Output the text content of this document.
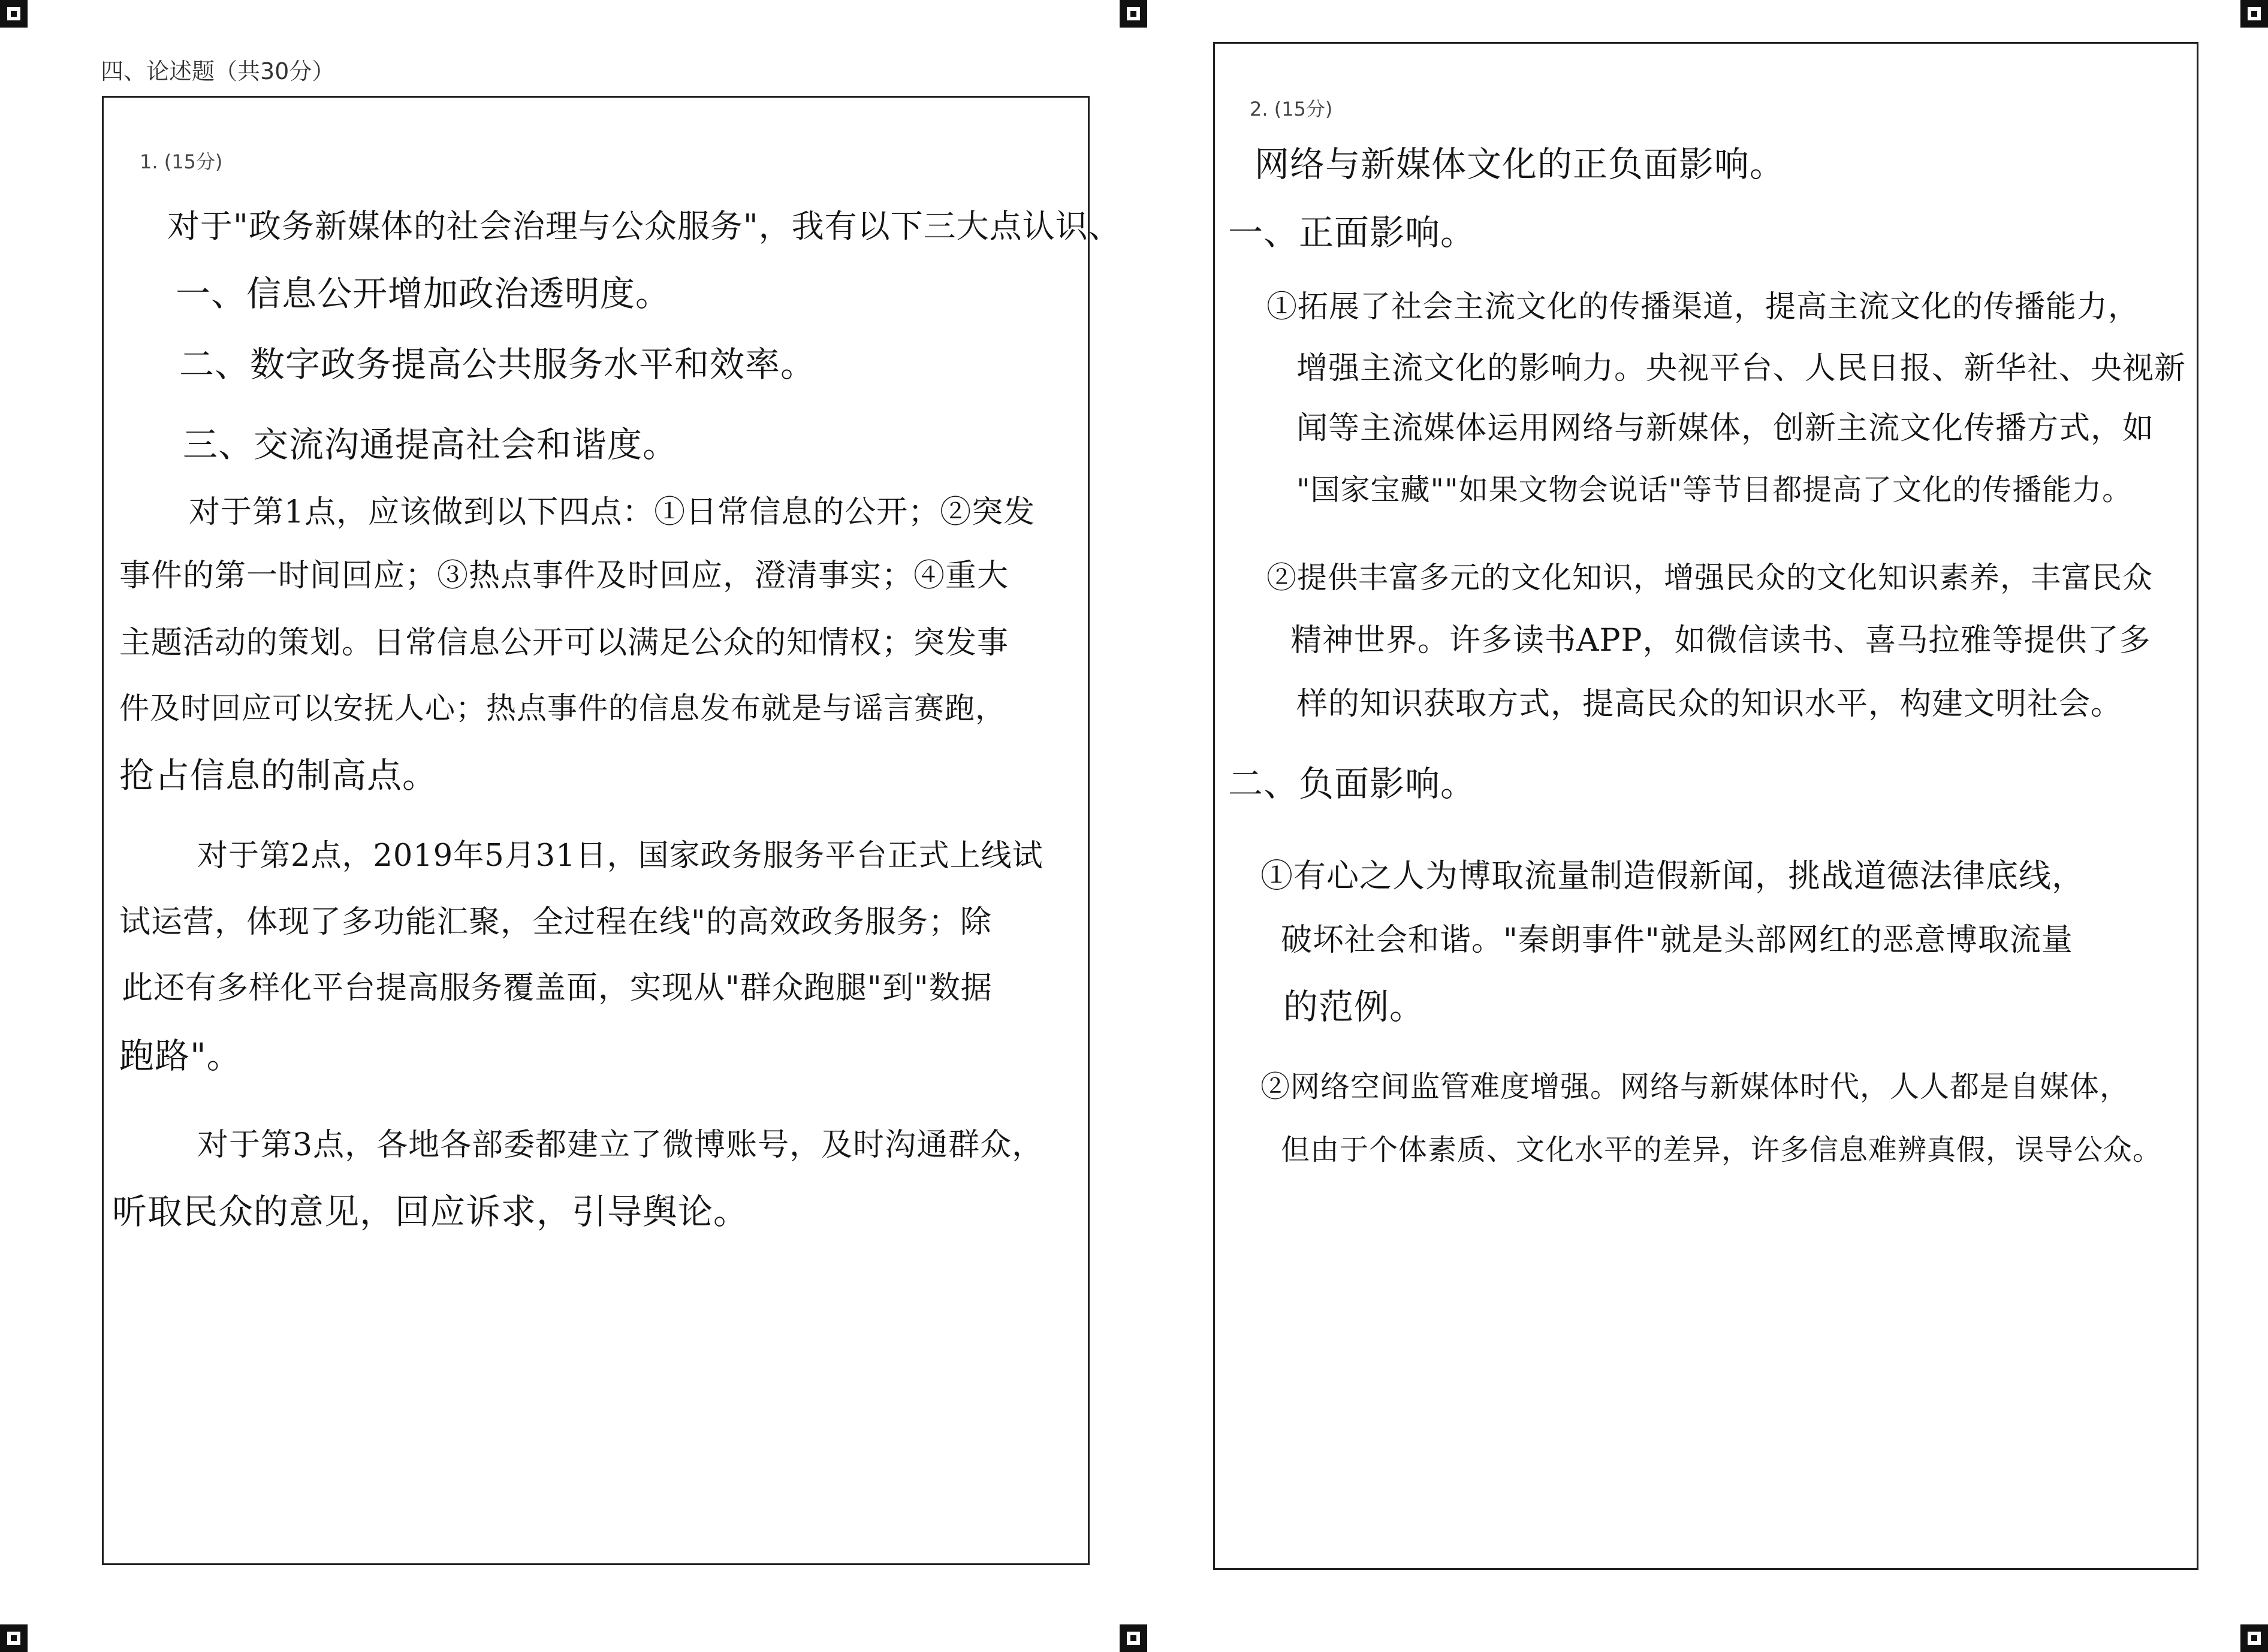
四、论述题（共30分）
1. (15分)
对于"政务新媒体的社会治理与公众服务"，我有以下三大点认识、
一、信息公开增加政治透明度。
二、数字政务提高公共服务水平和效率。
三、交流沟通提高社会和谐度。
对于第1点，应该做到以下四点：①日常信息的公开；②突发
事件的第一时间回应；③热点事件及时回应，澄清事实；④重大
主题活动的策划。日常信息公开可以满足公众的知情权；突发事
件及时回应可以安抚人心；热点事件的信息发布就是与谣言赛跑，
抢占信息的制高点。
对于第2点，2019年5月31日，国家政务服务平台正式上线试
试运营，体现了多功能汇聚，全过程在线"的高效政务服务；除
此还有多样化平台提高服务覆盖面，实现从"群众跑腿"到"数据
跑路"。
对于第3点，各地各部委都建立了微博账号，及时沟通群众，
听取民众的意见，回应诉求，引导舆论。
2. (15分)
网络与新媒体文化的正负面影响。
一、正面影响。
①拓展了社会主流文化的传播渠道，提高主流文化的传播能力，
增强主流文化的影响力。央视平台、人民日报、新华社、央视新
闻等主流媒体运用网络与新媒体，创新主流文化传播方式，如
"国家宝藏""如果文物会说话"等节目都提高了文化的传播能力。
②提供丰富多元的文化知识，增强民众的文化知识素养，丰富民众
精神世界。许多读书APP，如微信读书、喜马拉雅等提供了多
样的知识获取方式，提高民众的知识水平，构建文明社会。
二、负面影响。
①有心之人为博取流量制造假新闻，挑战道德法律底线，
破坏社会和谐。"秦朗事件"就是头部网红的恶意博取流量
的范例。
②网络空间监管难度增强。网络与新媒体时代，人人都是自媒体，
但由于个体素质、文化水平的差异，许多信息难辨真假，误导公众。
